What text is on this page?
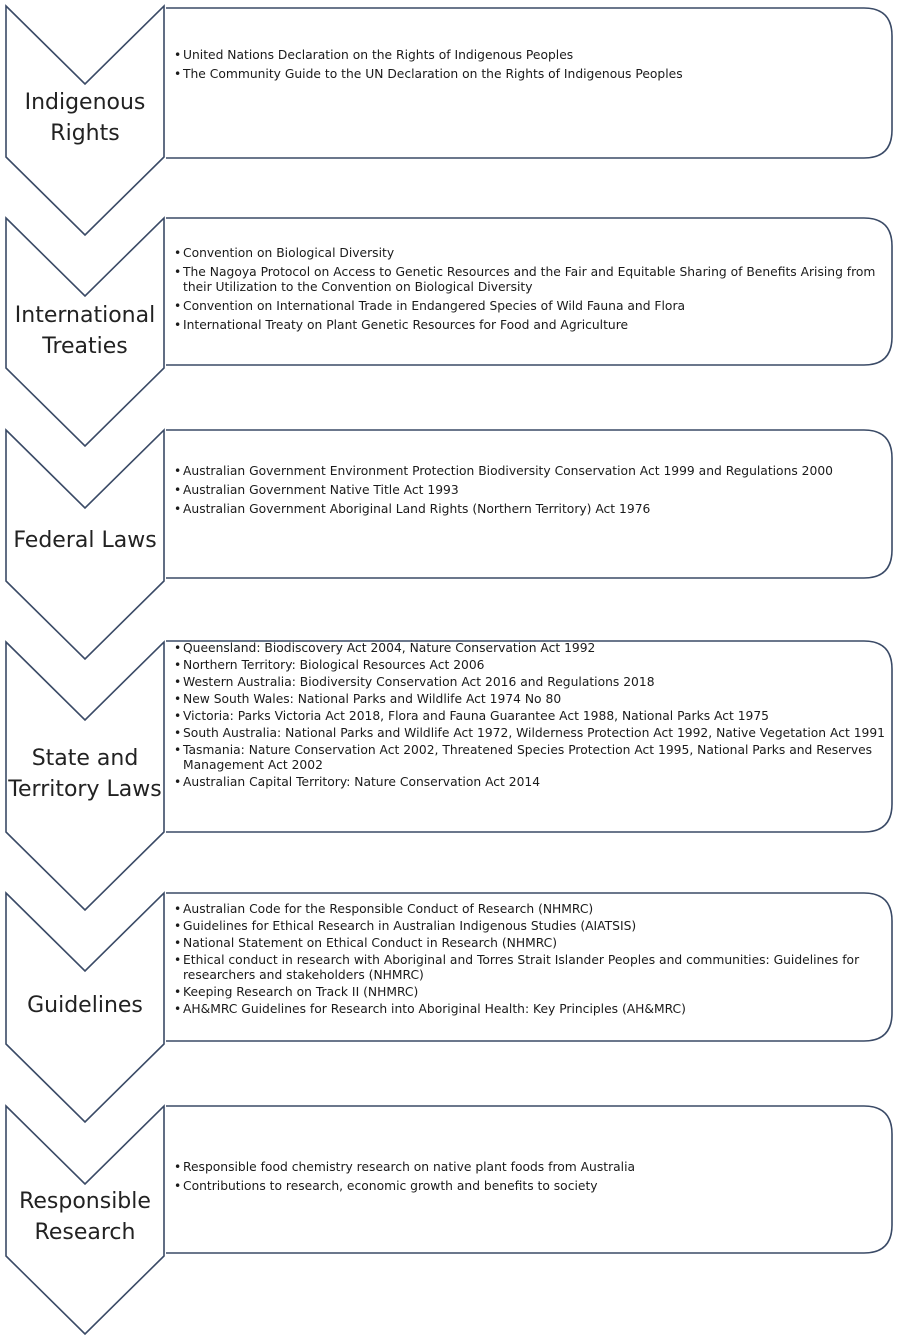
Indigenous
Rights
• United Nations Declaration on the Rights of Indigenous Peoples
• The Community Guide to the UN Declaration on the Rights of Indigenous Peoples
International
Treaties
• Convention on Biological Diversity
• The Nagoya Protocol on Access to Genetic Resources and the Fair and Equitable Sharing of Benefits Arising from their Utilization to the Convention on Biological Diversity
• Convention on International Trade in Endangered Species of Wild Fauna and Flora
• International Treaty on Plant Genetic Resources for Food and Agriculture
Federal Laws
• Australian Government Environment Protection Biodiversity Conservation Act 1999 and Regulations 2000
• Australian Government Native Title Act 1993
• Australian Government Aboriginal Land Rights (Northern Territory) Act 1976
State and
Territory Laws
• Queensland: Biodiscovery Act 2004, Nature Conservation Act 1992
• Northern Territory: Biological Resources Act 2006
• Western Australia: Biodiversity Conservation Act 2016 and Regulations 2018
• New South Wales: National Parks and Wildlife Act 1974 No 80
• Victoria: Parks Victoria Act 2018, Flora and Fauna Guarantee Act 1988, National Parks Act 1975
• South Australia: National Parks and Wildlife Act 1972, Wilderness Protection Act 1992, Native Vegetation Act 1991
• Tasmania: Nature Conservation Act 2002, Threatened Species Protection Act 1995, National Parks and Reserves Management Act 2002
• Australian Capital Territory: Nature Conservation Act 2014
Guidelines
• Australian Code for the Responsible Conduct of Research (NHMRC)
• Guidelines for Ethical Research in Australian Indigenous Studies (AIATSIS)
• National Statement on Ethical Conduct in Research (NHMRC)
• Ethical conduct in research with Aboriginal and Torres Strait Islander Peoples and communities: Guidelines for researchers and stakeholders (NHMRC)
• Keeping Research on Track II (NHMRC)
• AH&MRC Guidelines for Research into Aboriginal Health: Key Principles (AH&MRC)
Responsible
Research
• Responsible food chemistry research on native plant foods from Australia
• Contributions to research, economic growth and benefits to society
